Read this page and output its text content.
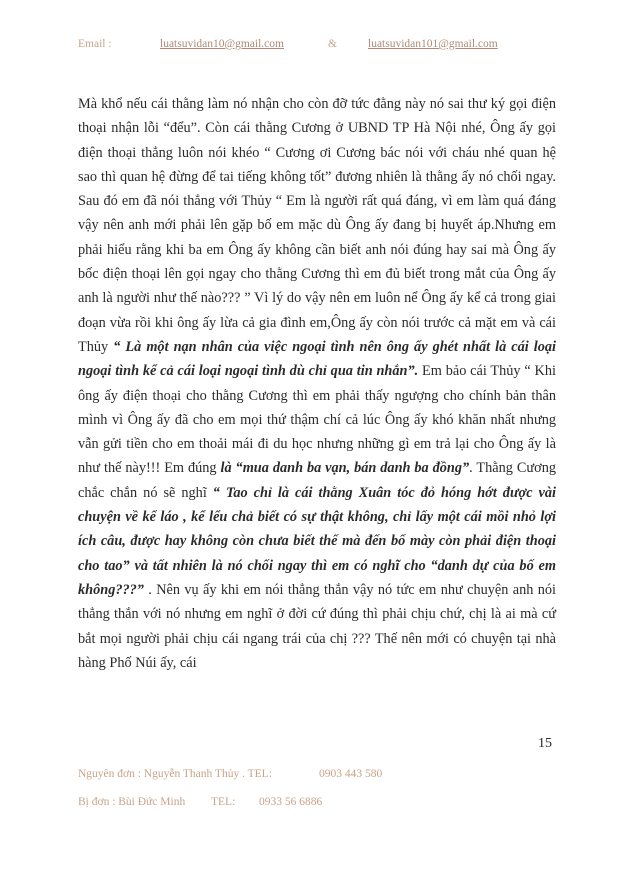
Email :	luatsuvidan10@gmail.com	&	luatsuvidan101@gmail.com

Mà khổ nếu cái thằng làm nó nhận cho còn đỡ tức đằng này nó sai thư ký gọi điện thoại nhận lỗi “đểu”. Còn cái thằng Cương ở UBND TP Hà Nội nhé, Ông ấy gọi điện thoại thẳng luôn nói khéo “ Cương ơi Cương bác nói với cháu nhé quan hệ sao thì quan hệ đừng để tai tiếng không tốt” đương nhiên là thằng ấy nó chối ngay. Sau đó em đã nói thẳng với Thủy “ Em là người rất quá đáng, vì em làm quá đáng vậy nên anh mới phải lên gặp bố em mặc dù Ông ấy đang bị huyết áp.Nhưng em phải hiểu rằng khi ba em Ông ấy không cần biết anh nói đúng hay sai mà Ông ấy bốc điện thoại lên gọi ngay cho thằng Cương thì em đủ biết trong mắt của Ông ấy anh là người như thế nào??? ” Vì lý do vậy nên em luôn nể Ông ấy kể cả trong giai đoạn vừa rồi khi ông ấy lừa cả gia đình em,Ông ấy còn nói trước cả mặt em và cái Thủy “ Là một nạn nhân của việc ngoại tình nên ông ấy ghét nhất là cái loại ngoại tình kể cả cái loại ngoại tình dù chỉ qua tin nhắn”. Em bảo cái Thủy “ Khi ông ấy điện thoại cho thằng Cương thì em phải thấy ngượng cho chính bản thân mình vì Ông ấy đã cho em mọi thứ thậm chí cả lúc Ông ấy khó khăn nhất nhưng vẫn gửi tiền cho em thoải mái đi du học nhưng những gì em trả lại cho Ông ấy là như thế này!!! Em đúng là “mua danh ba vạn, bán danh ba đồng”. Thằng Cương chắc chắn nó sẽ nghĩ “ Tao chỉ là cái thằng Xuân tóc đỏ hóng hớt được vài chuyện về kể láo , kể lểu chả biết có sự thật không, chỉ lấy một cái mồi nhỏ lợi ích câu, được hay không còn chưa biết thế mà đến bố mày còn phải điện thoại cho tao” và tất nhiên là nó chối ngay thì em có nghĩ cho “danh dự của bố em không???” . Nên vụ ấy khi em nói thẳng thắn vậy nó tức em như chuyện anh nói thẳng thắn với nó nhưng em nghĩ ở đời cứ đúng thì phải chịu chứ, chị là ai mà cứ bắt mọi người phải chịu cái ngang trái của chị ??? Thế nên mới có chuyện tại nhà hàng Phố Núi ấy, cái

15
Nguyên đơn : Nguyễn Thanh Thủy . TEL:	0903 443 580
Bị đơn : Bùi Đức Minh TEL: 0933 56 6886
